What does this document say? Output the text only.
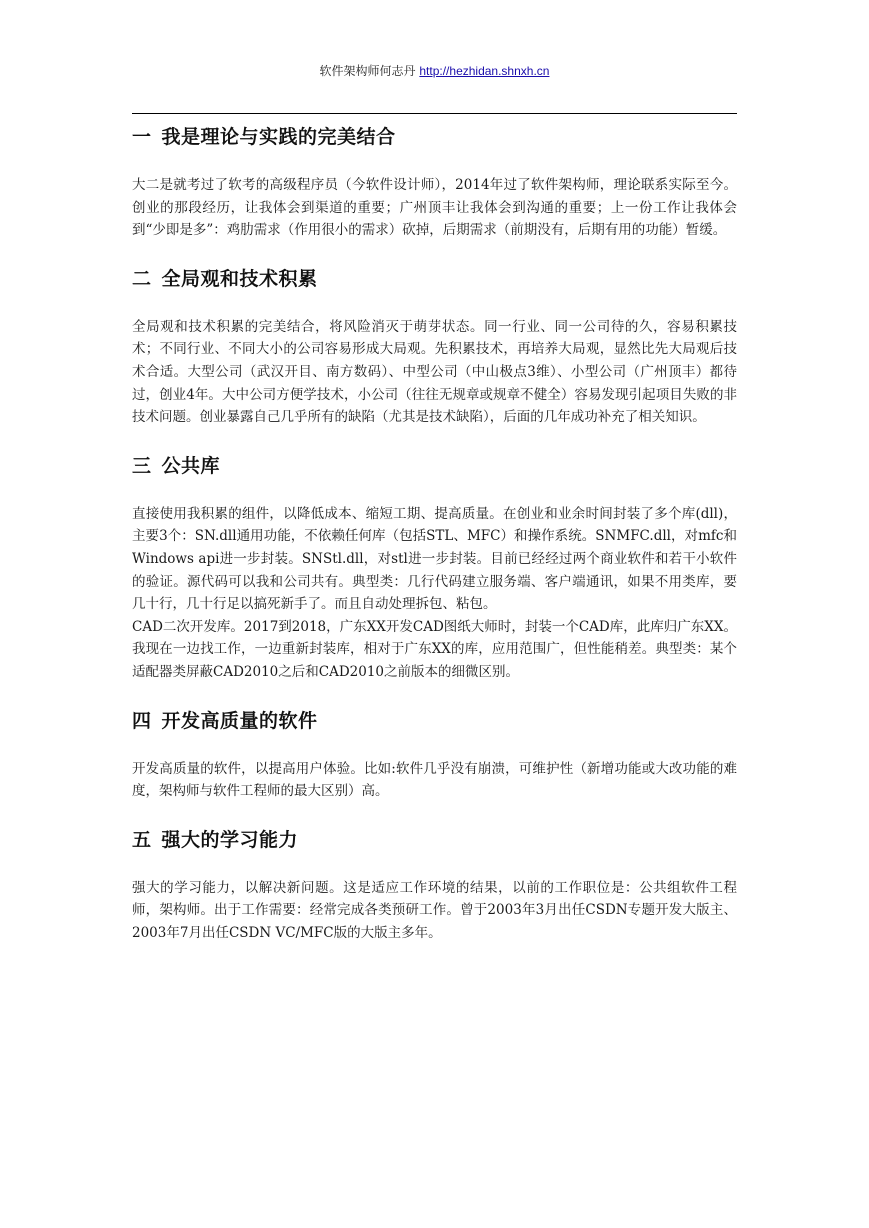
软件架构师何志丹 http://hezhidan.shnxh.cn
一 我是理论与实践的完美结合

大二是就考过了软考的高级程序员（今软件设计师），2014年过了软件架构师，理论联系实际至今。创业的那段经历，让我体会到渠道的重要；广州顶丰让我体会到沟通的重要；上一份工作让我体会到“少即是多”：鸡肋需求（作用很小的需求）砍掉，后期需求（前期没有，后期有用的功能）暂缓。

二 全局观和技术积累

全局观和技术积累的完美结合，将风险消灭于萌芽状态。同一行业、同一公司待的久，容易积累技术；不同行业、不同大小的公司容易形成大局观。先积累技术，再培养大局观，显然比先大局观后技术合适。大型公司（武汉开目、南方数码）、中型公司（中山极点3维）、小型公司（广州顶丰）都待过，创业4年。大中公司方便学技术，小公司（往往无规章或规章不健全）容易发现引起项目失败的非技术问题。创业暴露自己几乎所有的缺陷（尤其是技术缺陷），后面的几年成功补充了相关知识。

三 公共库

直接使用我积累的组件，以降低成本、缩短工期、提高质量。在创业和业余时间封装了多个库(dll)，主要3个：SN.dll通用功能，不依赖任何库（包括STL、MFC）和操作系统。SNMFC.dll，对mfc和Windows api进一步封装。SNStl.dll，对stl进一步封装。目前已经经过两个商业软件和若干小软件的验证。源代码可以我和公司共有。典型类：几行代码建立服务端、客户端通讯，如果不用类库，要几十行，几十行足以搞死新手了。而且自动处理拆包、粘包。

CAD二次开发库。2017到2018，广东XX开发CAD图纸大师时，封装一个CAD库，此库归广东XX。我现在一边找工作，一边重新封装库，相对于广东XX的库，应用范围广，但性能稍差。典型类：某个适配器类屏蔽CAD2010之后和CAD2010之前版本的细微区别。

四 开发高质量的软件

开发高质量的软件，以提高用户体验。比如:软件几乎没有崩溃，可维护性（新增功能或大改功能的难度，架构师与软件工程师的最大区别）高。

五 强大的学习能力

强大的学习能力，以解决新问题。这是适应工作环境的结果，以前的工作职位是：公共组软件工程师，架构师。出于工作需要：经常完成各类预研工作。曾于2003年3月出任CSDN专题开发大版主、2003年7月出任CSDN VC/MFC版的大版主多年。
